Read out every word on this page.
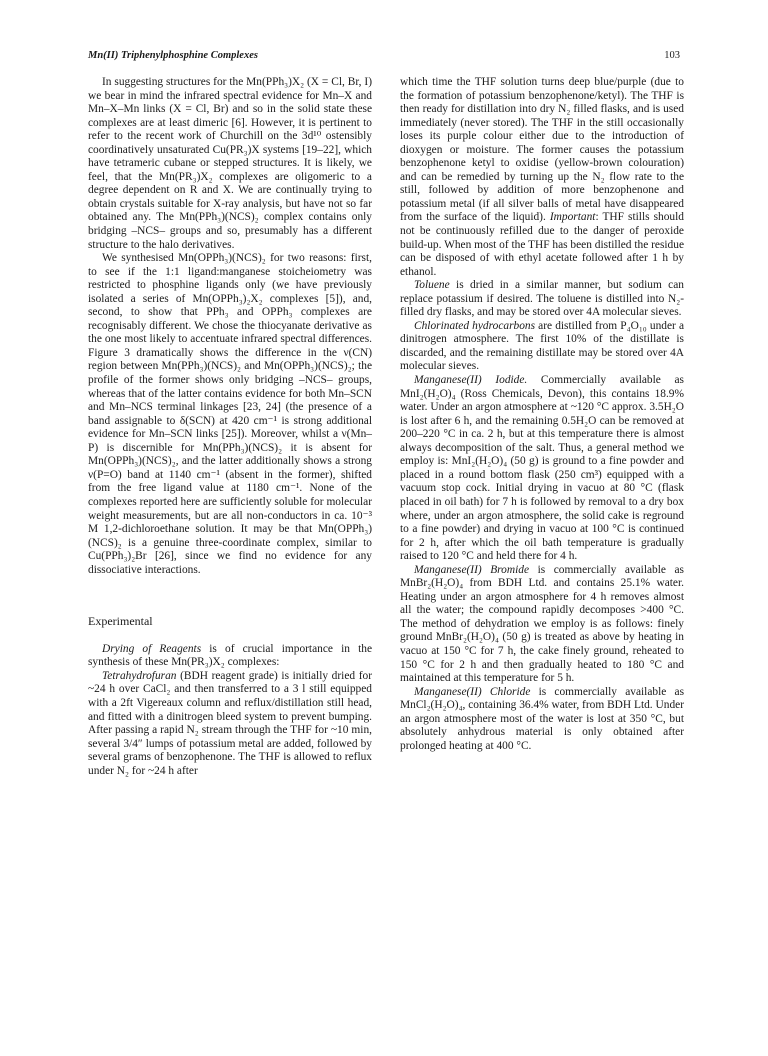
Mn(II) Triphenylphosphine Complexes	103

In suggesting structures for the Mn(PPh₃)X₂ (X = Cl, Br, I) we bear in mind the infrared spectral evidence for Mn–X and Mn–X–Mn links (X = Cl, Br) and so in the solid state these complexes are at least dimeric [6]. However, it is pertinent to refer to the recent work of Churchill on the 3d¹⁰ ostensibly coordinatively unsaturated Cu(PR₃)X systems [19–22], which have tetrameric cubane or stepped structures. It is likely, we feel, that the Mn(PR₃)X₂ complexes are oligomeric to a degree dependent on R and X. We are continually trying to obtain crystals suitable for X-ray analysis, but have not so far obtained any. The Mn(PPh₃)(NCS)₂ complex contains only bridging –NCS– groups and so, presumably has a different structure to the halo derivatives.

We synthesised Mn(OPPh₃)(NCS)₂ for two reasons: first, to see if the 1:1 ligand:manganese stoicheiometry was restricted to phosphine ligands only (we have previously isolated a series of Mn(OPPh₃)₂X₂ complexes [5]), and, second, to show that PPh₃ and OPPh₃ complexes are recognisably different. We chose the thiocyanate derivative as the one most likely to accentuate infrared spectral differences. Figure 3 dramatically shows the difference in the ν(CN) region between Mn(PPh₃)(NCS)₂ and Mn(OPPh₃)(NCS)₂; the profile of the former shows only bridging –NCS– groups, whereas that of the latter contains evidence for both Mn–SCN and Mn–NCS terminal linkages [23, 24] (the presence of a band assignable to δ(SCN) at 420 cm⁻¹ is strong additional evidence for Mn–SCN links [25]). Moreover, whilst a ν(Mn–P) is discernible for Mn(PPh₃)(NCS)₂ it is absent for Mn(OPPh₃)(NCS)₂, and the latter additionally shows a strong ν(P=O) band at 1140 cm⁻¹ (absent in the former), shifted from the free ligand value at 1180 cm⁻¹. None of the complexes reported here are sufficiently soluble for molecular weight measurements, but are all non-conductors in ca. 10⁻³ M 1,2-dichloroethane solution. It may be that Mn(OPPh₃)(NCS)₂ is a genuine three-coordinate complex, similar to Cu(PPh₃)₂Br [26], since we find no evidence for any dissociative interactions.

Experimental

Drying of Reagents is of crucial importance in the synthesis of these Mn(PR₃)X₂ complexes:

Tetrahydrofuran (BDH reagent grade) is initially dried for ~24 h over CaCl₂ and then transferred to a 3 l still equipped with a 2ft Vigereaux column and reflux/distillation still head, and fitted with a dinitrogen bleed system to prevent bumping. After passing a rapid N₂ stream through the THF for ~10 min, several 3/4″ lumps of potassium metal are added, followed by several grams of benzophenone. The THF is allowed to reflux under N₂ for ~24 h after

which time the THF solution turns deep blue/purple (due to the formation of potassium benzophenone/ketyl). The THF is then ready for distillation into dry N₂ filled flasks, and is used immediately (never stored). The THF in the still occasionally loses its purple colour either due to the introduction of dioxygen or moisture. The former causes the potassium benzophenone ketyl to oxidise (yellow-brown colouration) and can be remedied by turning up the N₂ flow rate to the still, followed by addition of more benzophenone and potassium metal (if all silver balls of metal have disappeared from the surface of the liquid). Important: THF stills should not be continuously refilled due to the danger of peroxide build-up. When most of the THF has been distilled the residue can be disposed of with ethyl acetate followed after 1 h by ethanol.

Toluene is dried in a similar manner, but sodium can replace potassium if desired. The toluene is distilled into N₂-filled dry flasks, and may be stored over 4A molecular sieves.

Chlorinated hydrocarbons are distilled from P₄O₁₀ under a dinitrogen atmosphere. The first 10% of the distillate is discarded, and the remaining distillate may be stored over 4A molecular sieves.

Manganese(II) Iodide. Commercially available as MnI₂(H₂O)₄ (Ross Chemicals, Devon), this contains 18.9% water. Under an argon atmosphere at ~120 °C approx. 3.5H₂O is lost after 6 h, and the remaining 0.5H₂O can be removed at 200–220 °C in ca. 2 h, but at this temperature there is almost always decomposition of the salt. Thus, a general method we employ is: MnI₂(H₂O)₄ (50 g) is ground to a fine powder and placed in a round bottom flask (250 cm³) equipped with a vacuum stop cock. Initial drying in vacuo at 80 °C (flask placed in oil bath) for 7 h is followed by removal to a dry box where, under an argon atmosphere, the solid cake is reground to a fine powder) and drying in vacuo at 100 °C is continued for 2 h, after which the oil bath temperature is gradually raised to 120 °C and held there for 4 h.

Manganese(II) Bromide is commercially available as MnBr₂(H₂O)₄ from BDH Ltd. and contains 25.1% water. Heating under an argon atmosphere for 4 h removes almost all the water; the compound rapidly decomposes >400 °C. The method of dehydration we employ is as follows: finely ground MnBr₂(H₂O)₄ (50 g) is treated as above by heating in vacuo at 150 °C for 7 h, the cake finely ground, reheated to 150 °C for 2 h and then gradually heated to 180 °C and maintained at this temperature for 5 h.

Manganese(II) Chloride is commercially available as MnCl₂(H₂O)₄, containing 36.4% water, from BDH Ltd. Under an argon atmosphere most of the water is lost at 350 °C, but absolutely anhydrous material is only obtained after prolonged heating at 400 °C.
